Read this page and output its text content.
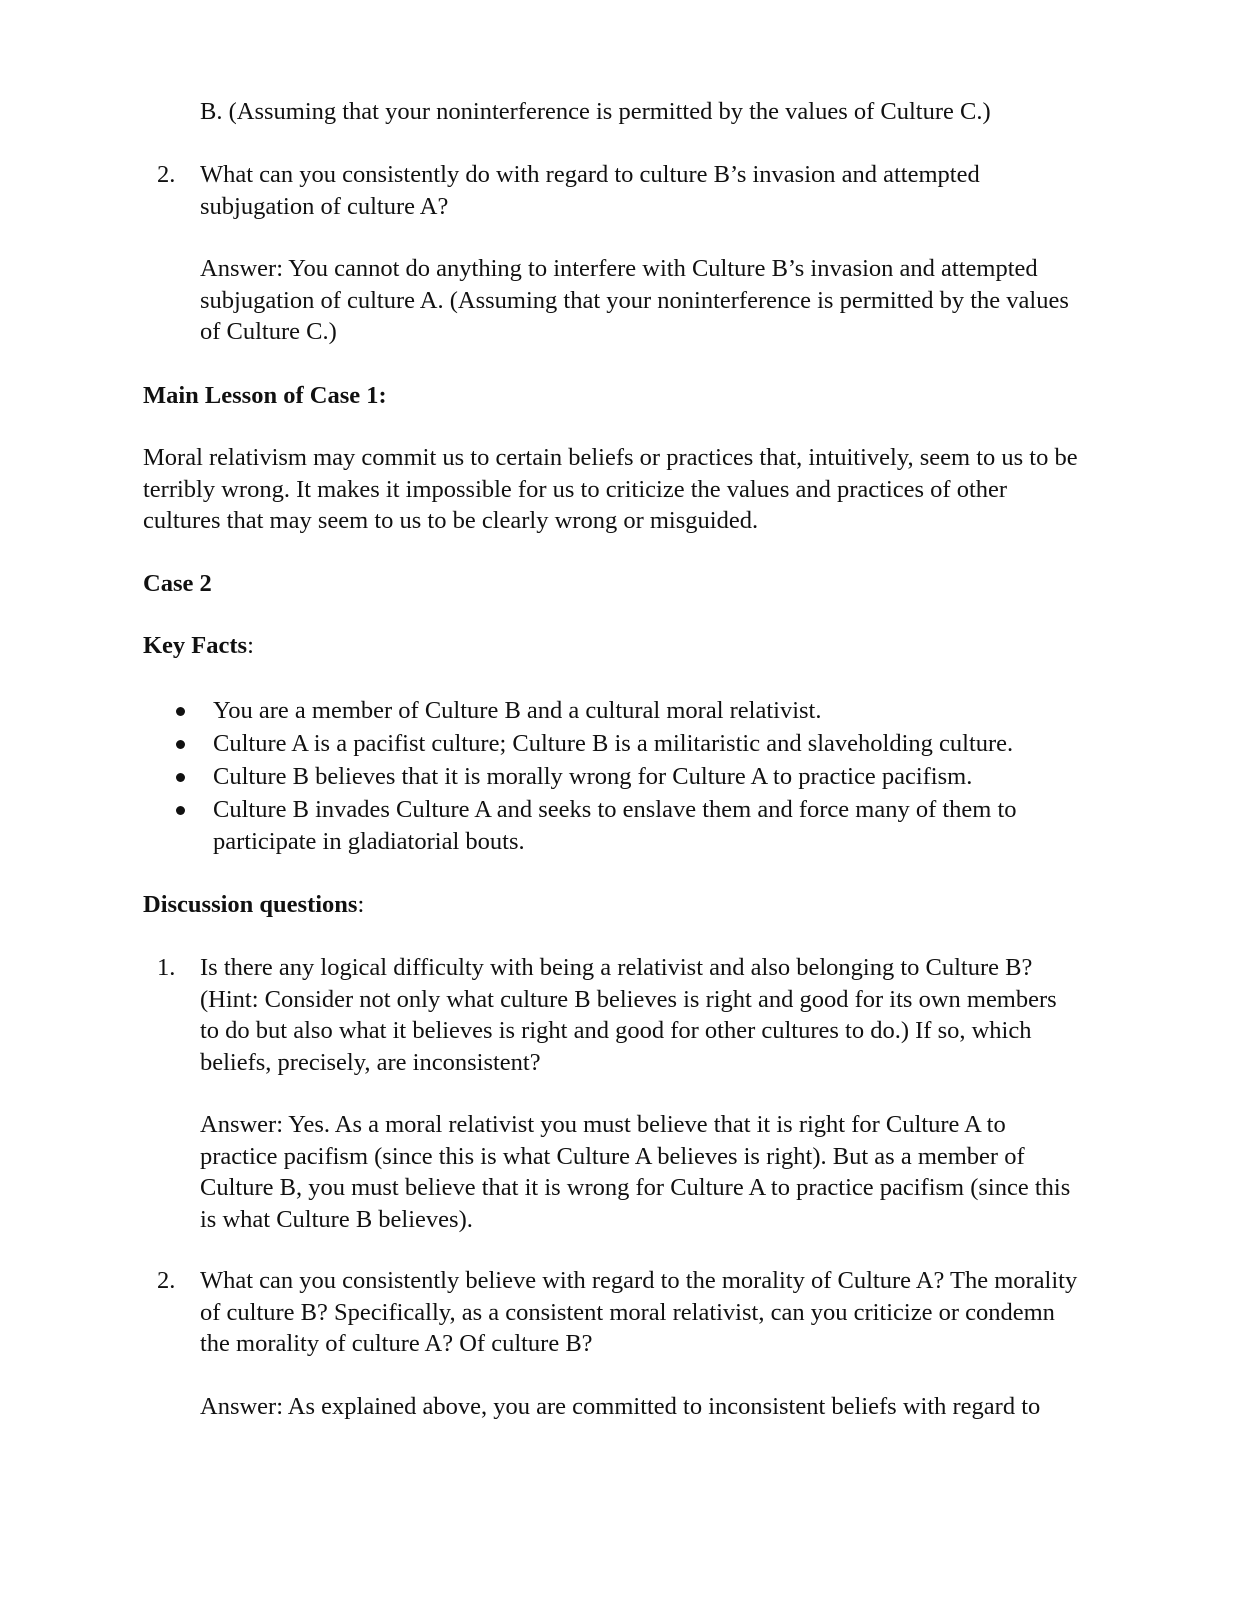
B. (Assuming that your noninterference is permitted by the values of Culture C.)

2. What can you consistently do with regard to culture B’s invasion and attempted subjugation of culture A?

Answer: You cannot do anything to interfere with Culture B’s invasion and attempted subjugation of culture A. (Assuming that your noninterference is permitted by the values of Culture C.)

Main Lesson of Case 1:

Moral relativism may commit us to certain beliefs or practices that, intuitively, seem to us to be terribly wrong. It makes it impossible for us to criticize the values and practices of other cultures that may seem to us to be clearly wrong or misguided.

Case 2

Key Facts:

You are a member of Culture B and a cultural moral relativist.
Culture A is a pacifist culture; Culture B is a militaristic and slaveholding culture.
Culture B believes that it is morally wrong for Culture A to practice pacifism.
Culture B invades Culture A and seeks to enslave them and force many of them to participate in gladiatorial bouts.

Discussion questions:

1. Is there any logical difficulty with being a relativist and also belonging to Culture B? (Hint: Consider not only what culture B believes is right and good for its own members to do but also what it believes is right and good for other cultures to do.) If so, which beliefs, precisely, are inconsistent?

Answer: Yes. As a moral relativist you must believe that it is right for Culture A to practice pacifism (since this is what Culture A believes is right). But as a member of Culture B, you must believe that it is wrong for Culture A to practice pacifism (since this is what Culture B believes).

2. What can you consistently believe with regard to the morality of Culture A? The morality of culture B? Specifically, as a consistent moral relativist, can you criticize or condemn the morality of culture A? Of culture B?

Answer: As explained above, you are committed to inconsistent beliefs with regard to
